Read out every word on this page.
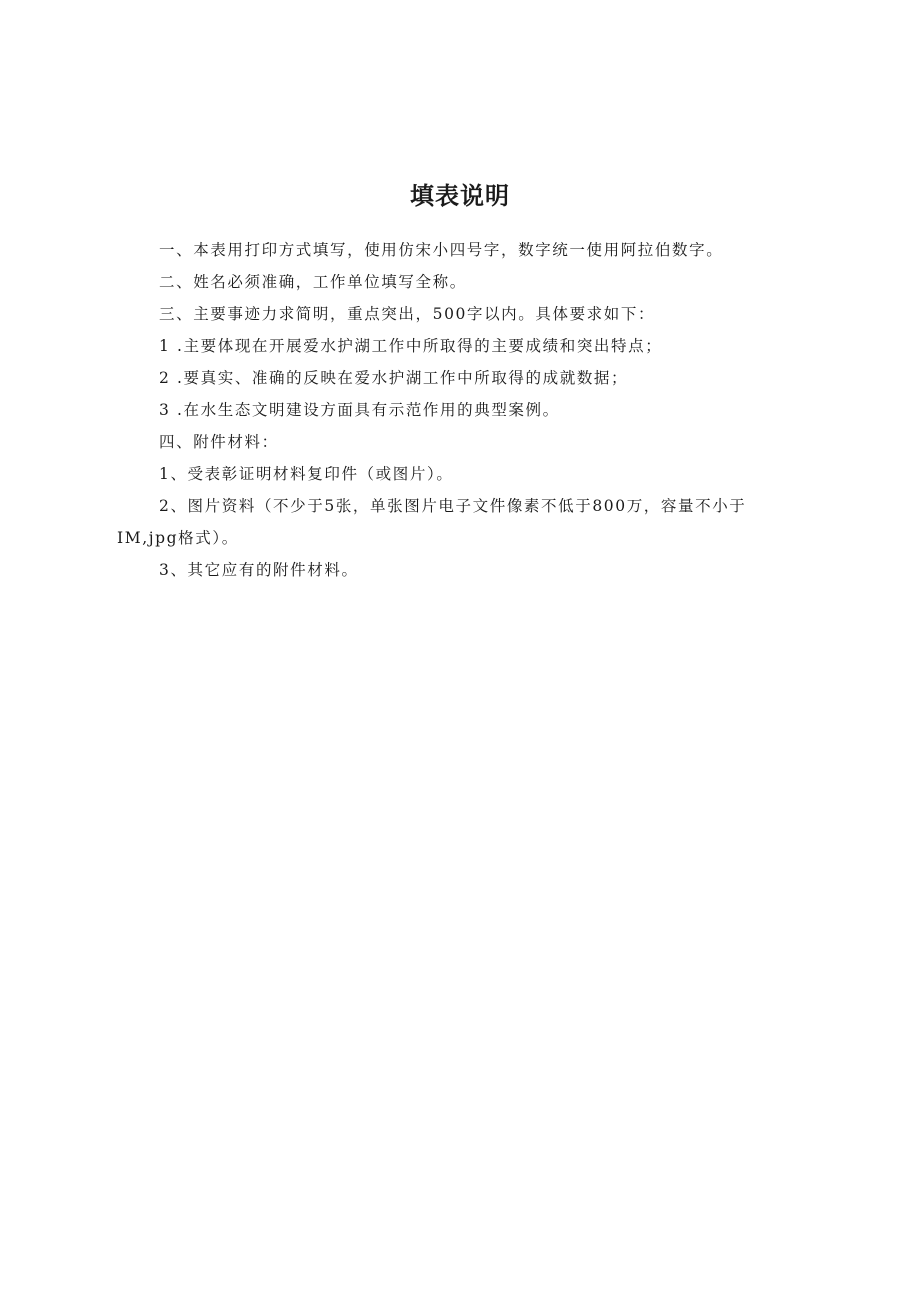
填表说明

一、本表用打印方式填写，使用仿宋小四号字，数字统一使用阿拉伯数字。

二、姓名必须准确，工作单位填写全称。

三、主要事迹力求简明，重点突出，500字以内。具体要求如下：

1 .主要体现在开展爱水护湖工作中所取得的主要成绩和突出特点；

2 .要真实、准确的反映在爱水护湖工作中所取得的成就数据；

3 .在水生态文明建设方面具有示范作用的典型案例。

四、附件材料：

1、受表彰证明材料复印件（或图片）。

2、图片资料（不少于5张，单张图片电子文件像素不低于800万，容量不小于
IM,jpg格式）。

3、其它应有的附件材料。
